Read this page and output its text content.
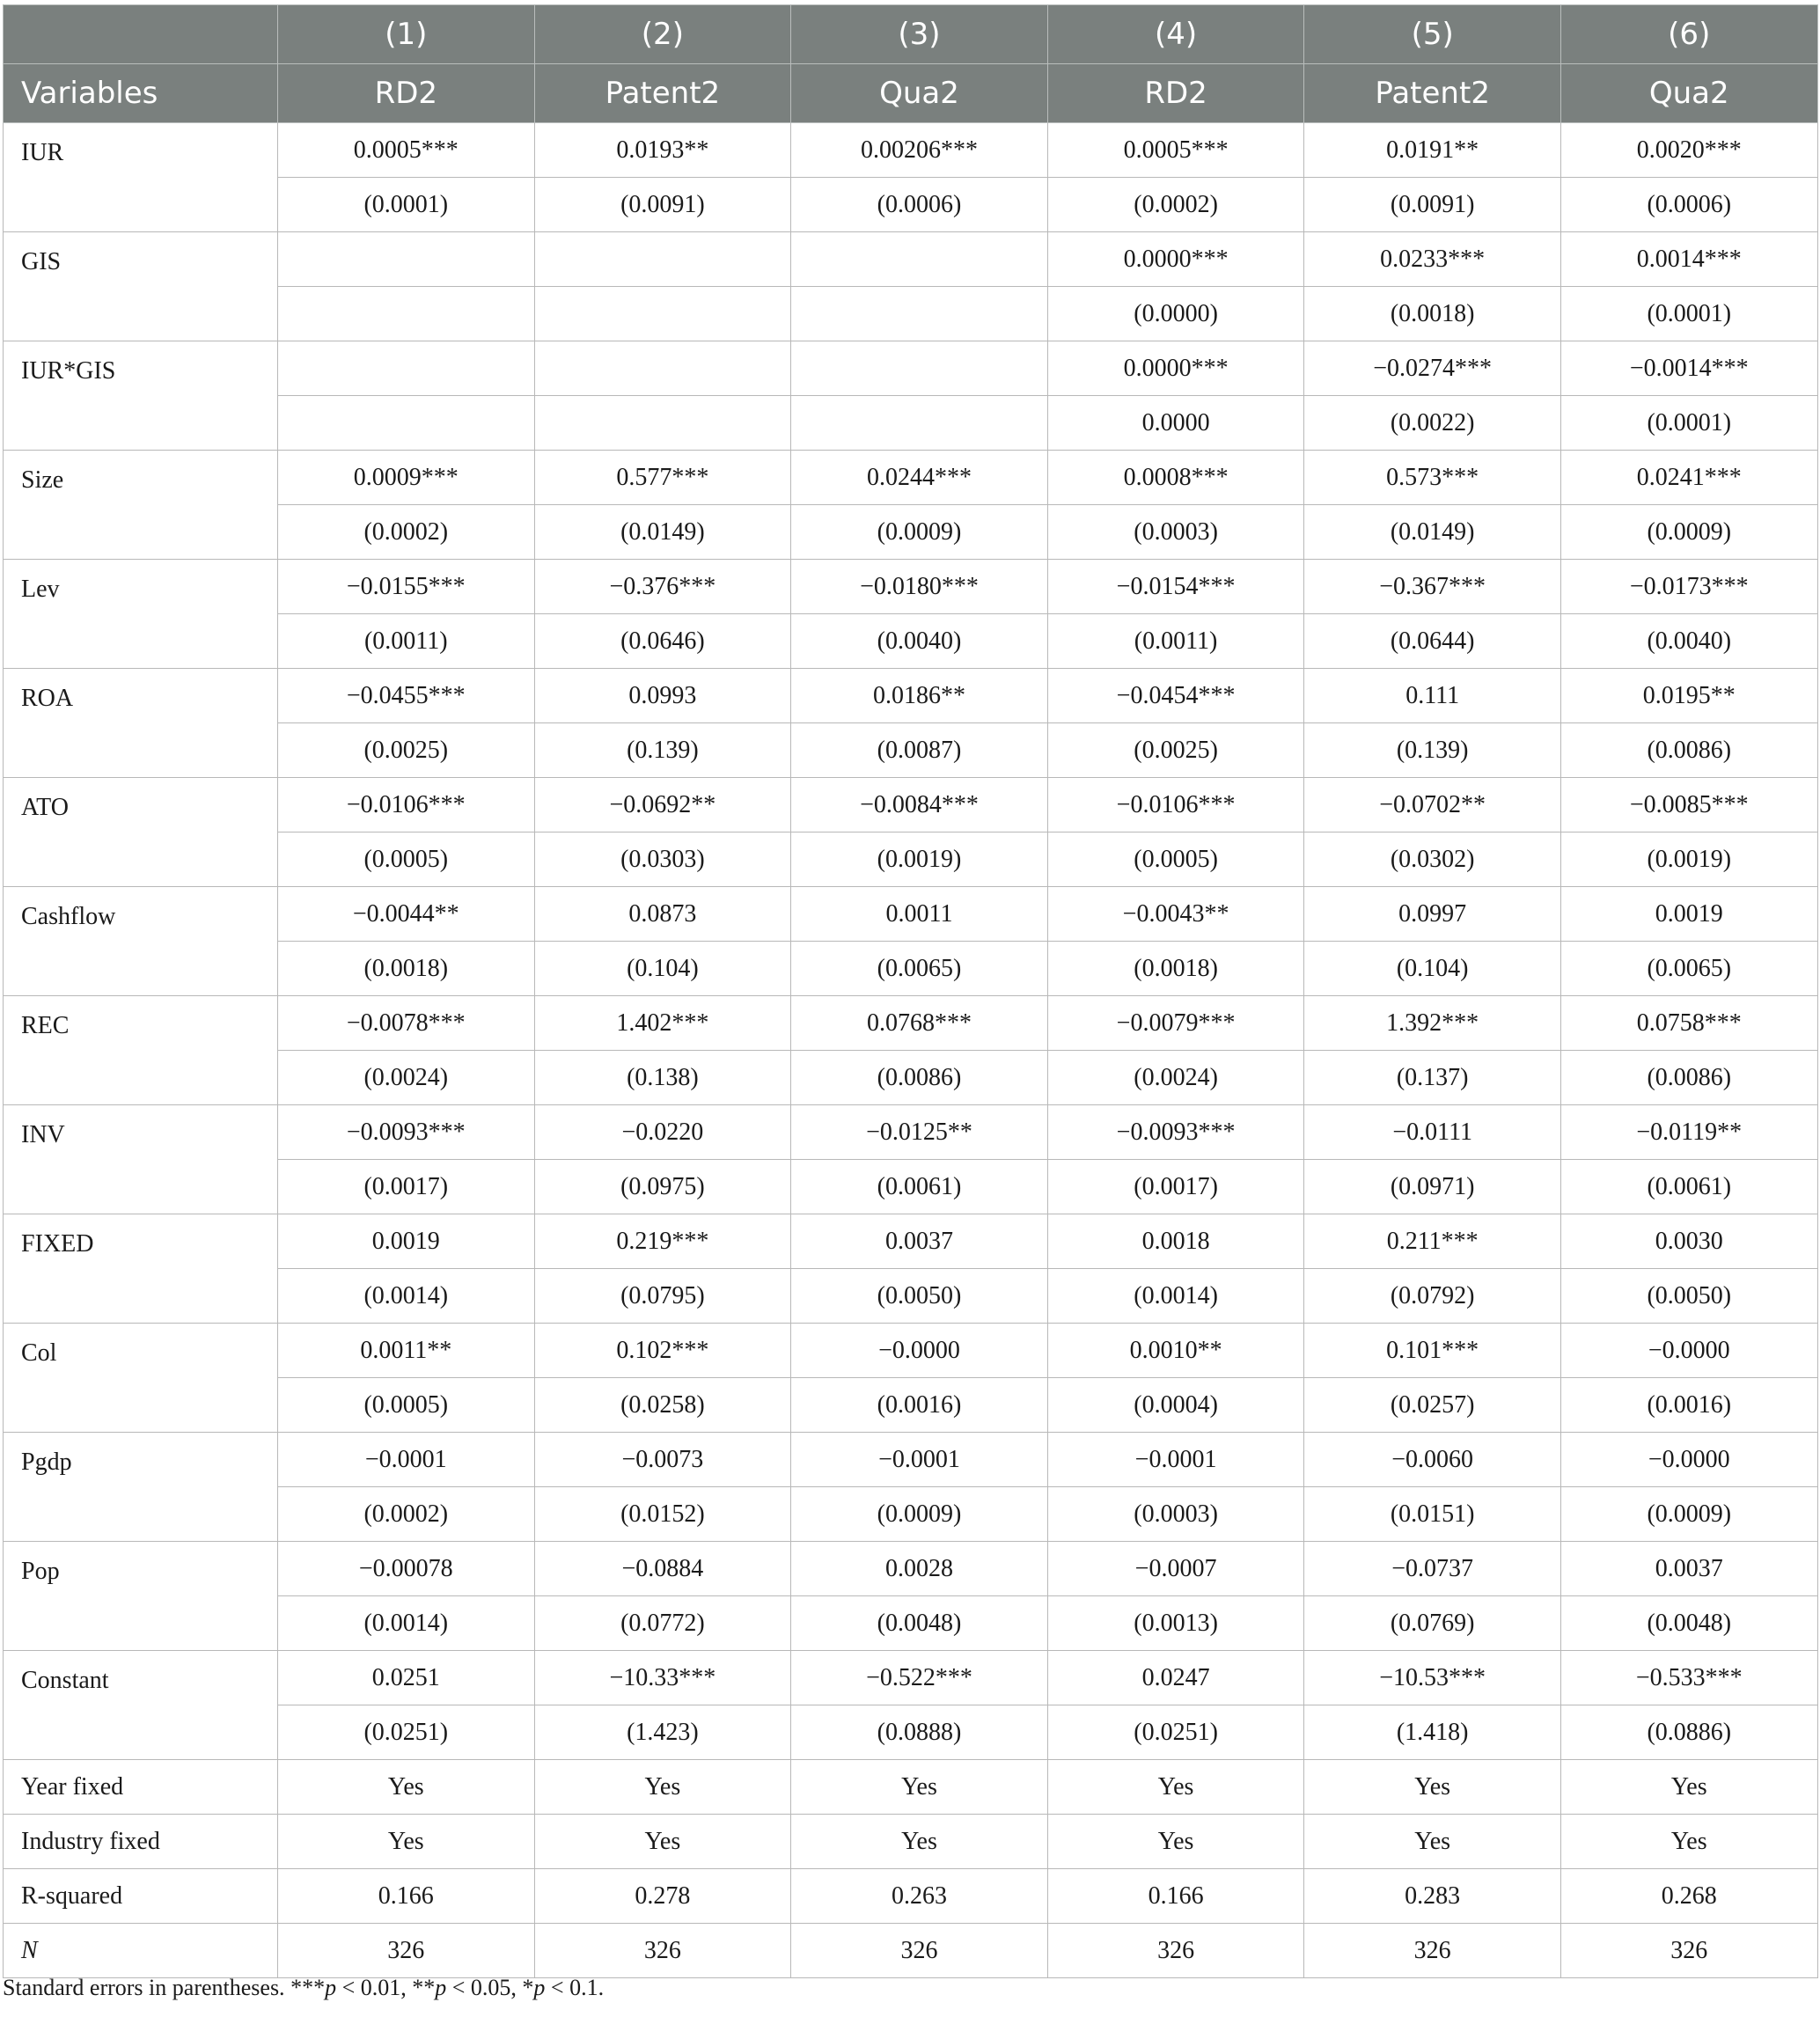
	(1)	(2)	(3)	(4)	(5)	(6)
Variables	RD2	Patent2	Qua2	RD2	Patent2	Qua2
IUR	0.0005***	0.0193**	0.00206***	0.0005***	0.0191**	0.0020***
	(0.0001)	(0.0091)	(0.0006)	(0.0002)	(0.0091)	(0.0006)
GIS				0.0000***	0.0233***	0.0014***
				(0.0000)	(0.0018)	(0.0001)
IUR*GIS				0.0000***	−0.0274***	−0.0014***
				0.0000	(0.0022)	(0.0001)
Size	0.0009***	0.577***	0.0244***	0.0008***	0.573***	0.0241***
	(0.0002)	(0.0149)	(0.0009)	(0.0003)	(0.0149)	(0.0009)
Lev	−0.0155***	−0.376***	−0.0180***	−0.0154***	−0.367***	−0.0173***
	(0.0011)	(0.0646)	(0.0040)	(0.0011)	(0.0644)	(0.0040)
ROA	−0.0455***	0.0993	0.0186**	−0.0454***	0.111	0.0195**
	(0.0025)	(0.139)	(0.0087)	(0.0025)	(0.139)	(0.0086)
ATO	−0.0106***	−0.0692**	−0.0084***	−0.0106***	−0.0702**	−0.0085***
	(0.0005)	(0.0303)	(0.0019)	(0.0005)	(0.0302)	(0.0019)
Cashflow	−0.0044**	0.0873	0.0011	−0.0043**	0.0997	0.0019
	(0.0018)	(0.104)	(0.0065)	(0.0018)	(0.104)	(0.0065)
REC	−0.0078***	1.402***	0.0768***	−0.0079***	1.392***	0.0758***
	(0.0024)	(0.138)	(0.0086)	(0.0024)	(0.137)	(0.0086)
INV	−0.0093***	−0.0220	−0.0125**	−0.0093***	−0.0111	−0.0119**
	(0.0017)	(0.0975)	(0.0061)	(0.0017)	(0.0971)	(0.0061)
FIXED	0.0019	0.219***	0.0037	0.0018	0.211***	0.0030
	(0.0014)	(0.0795)	(0.0050)	(0.0014)	(0.0792)	(0.0050)
Col	0.0011**	0.102***	−0.0000	0.0010**	0.101***	−0.0000
	(0.0005)	(0.0258)	(0.0016)	(0.0004)	(0.0257)	(0.0016)
Pgdp	−0.0001	−0.0073	−0.0001	−0.0001	−0.0060	−0.0000
	(0.0002)	(0.0152)	(0.0009)	(0.0003)	(0.0151)	(0.0009)
Pop	−0.00078	−0.0884	0.0028	−0.0007	−0.0737	0.0037
	(0.0014)	(0.0772)	(0.0048)	(0.0013)	(0.0769)	(0.0048)
Constant	0.0251	−10.33***	−0.522***	0.0247	−10.53***	−0.533***
	(0.0251)	(1.423)	(0.0888)	(0.0251)	(1.418)	(0.0886)
Year fixed	Yes	Yes	Yes	Yes	Yes	Yes
Industry fixed	Yes	Yes	Yes	Yes	Yes	Yes
R-squared	0.166	0.278	0.263	0.166	0.283	0.268
N	326	326	326	326	326	326
Standard errors in parentheses. ***p < 0.01, **p < 0.05, *p < 0.1.
